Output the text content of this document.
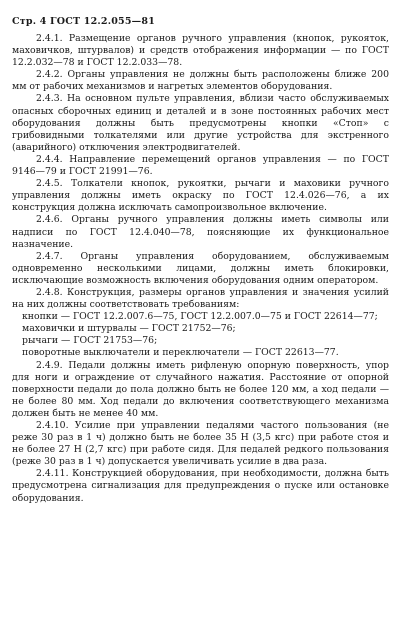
Стр. 4 ГОСТ 12.2.055—81

2.4.1. Размещение органов ручного управления (кнопок, рукояток, маховичков, штурвалов) и средств отображения информации — по ГОСТ 12.2.032—78 и ГОСТ 12.2.033—78.

2.4.2. Органы управления не должны быть расположены ближе 200 мм от рабочих механизмов и нагретых элементов оборудования.

2.4.3. На основном пульте управления, вблизи часто обслуживаемых опасных сборочных единиц и деталей и в зоне постоянных рабочих мест оборудования должны быть предусмотрены кнопки «Стоп» с грибовидными толкателями или другие устройства для экстренного (аварийного) отключения электродвигателей.

2.4.4. Направление перемещений органов управления — по ГОСТ 9146—79 и ГОСТ 21991—76.

2.4.5. Толкатели кнопок, рукоятки, рычаги и маховики ручного управления должны иметь окраску по ГОСТ 12.4.026—76, а их конструкция должна исключать самопроизвольное включение.

2.4.6. Органы ручного управления должны иметь символы или надписи по ГОСТ 12.4.040—78, поясняющие их функциональное назначение.

2.4.7. Органы управления оборудованием, обслуживаемым одновременно несколькими лицами, должны иметь блокировки, исключающие возможность включения оборудования одним оператором.

2.4.8. Конструкция, размеры органов управления и значения усилий на них должны соответствовать требованиям:

кнопки — ГОСТ 12.2.007.6—75, ГОСТ 12.2.007.0—75 и ГОСТ 22614—77;

маховички и штурвалы — ГОСТ 21752—76;

рычаги — ГОСТ 21753—76;

поворотные выключатели и переключатели — ГОСТ 22613—77.

2.4.9. Педали должны иметь рифленую опорную поверхность, упор для ноги и ограждение от случайного нажатия. Расстояние от опорной поверхности педали до пола должно быть не более 120 мм, а ход педали — не более 80 мм. Ход педали до включения соответствующего механизма должен быть не менее 40 мм.

2.4.10. Усилие при управлении педалями частого пользования (не реже 30 раз в 1 ч) должно быть не более 35 Н (3,5 кгс) при работе стоя и не более 27 Н (2,7 кгс) при работе сидя. Для педалей редкого пользования (реже 30 раз в 1 ч) допускается увеличивать усилие в два раза.

2.4.11. Конструкцией оборудования, при необходимости, должна быть предусмотрена сигнализация для предупреждения о пуске или остановке оборудования.
